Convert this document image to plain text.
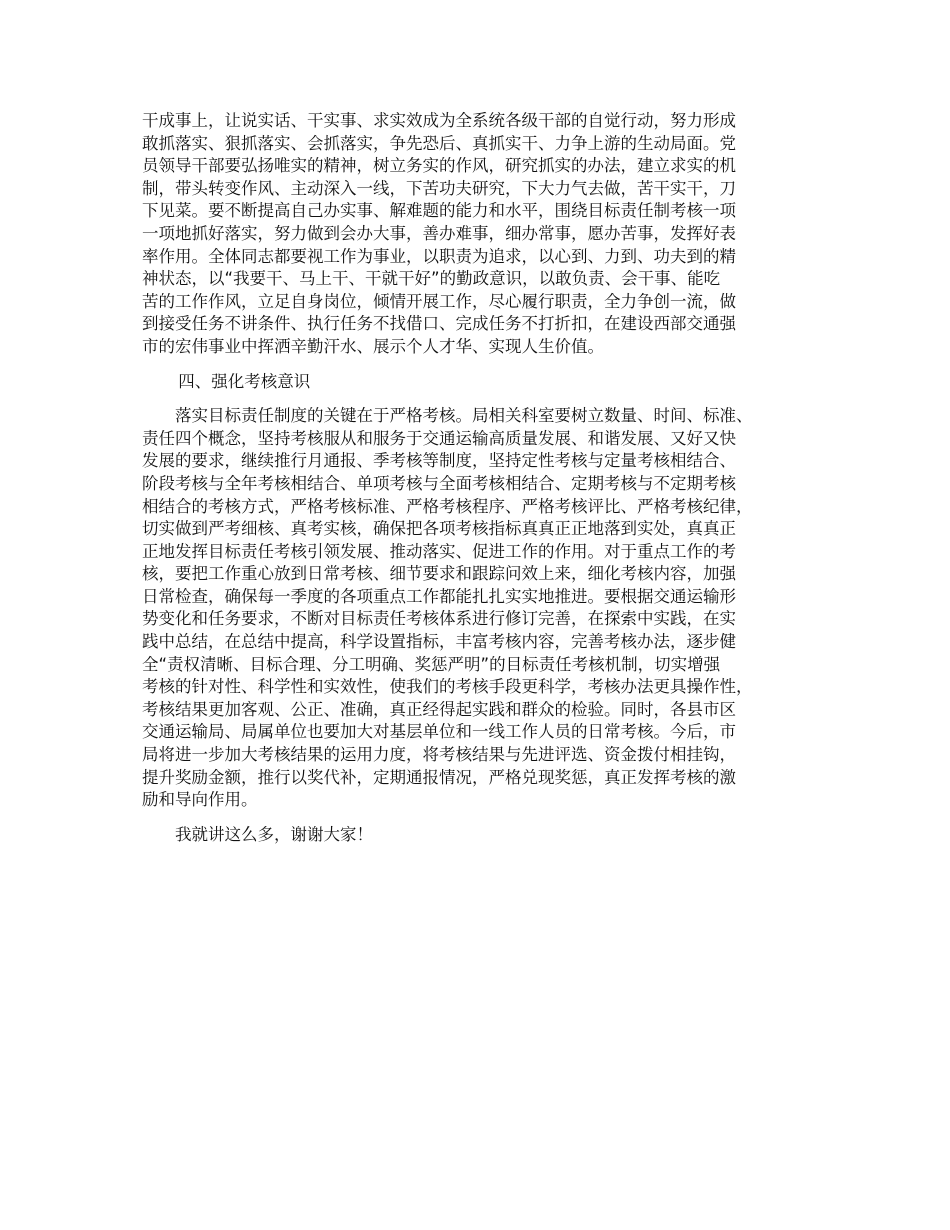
干成事上，让说实话、干实事、求实效成为全系统各级干部的自觉行动，努力形成
敢抓落实、狠抓落实、会抓落实，争先恐后、真抓实干、力争上游的生动局面。党
员领导干部要弘扬唯实的精神，树立务实的作风，研究抓实的办法，建立求实的机
制，带头转变作风、主动深入一线，下苦功夫研究，下大力气去做，苦干实干，刀
下见菜。要不断提高自己办实事、解难题的能力和水平，围绕目标责任制考核一项
一项地抓好落实，努力做到会办大事，善办难事，细办常事，愿办苦事，发挥好表
率作用。全体同志都要视工作为事业，以职责为追求，以心到、力到、功夫到的精
神状态，以“我要干、马上干、干就干好”的勤政意识，以敢负责、会干事、能吃
苦的工作作风，立足自身岗位，倾情开展工作，尽心履行职责，全力争创一流，做
到接受任务不讲条件、执行任务不找借口、完成任务不打折扣，在建设西部交通强
市的宏伟事业中挥洒辛勤汗水、展示个人才华、实现人生价值。
四、强化考核意识
　　落实目标责任制度的关键在于严格考核。局相关科室要树立数量、时间、标准、
责任四个概念，坚持考核服从和服务于交通运输高质量发展、和谐发展、又好又快
发展的要求，继续推行月通报、季考核等制度，坚持定性考核与定量考核相结合、
阶段考核与全年考核相结合、单项考核与全面考核相结合、定期考核与不定期考核
相结合的考核方式，严格考核标准、严格考核程序、严格考核评比、严格考核纪律，
切实做到严考细核、真考实核，确保把各项考核指标真真正正地落到实处，真真正
正地发挥目标责任考核引领发展、推动落实、促进工作的作用。对于重点工作的考
核，要把工作重心放到日常考核、细节要求和跟踪问效上来，细化考核内容，加强
日常检查，确保每一季度的各项重点工作都能扎扎实实地推进。要根据交通运输形
势变化和任务要求，不断对目标责任考核体系进行修订完善，在探索中实践，在实
践中总结，在总结中提高，科学设置指标，丰富考核内容，完善考核办法，逐步健
全“责权清晰、目标合理、分工明确、奖惩严明”的目标责任考核机制，切实增强
考核的针对性、科学性和实效性，使我们的考核手段更科学，考核办法更具操作性，
考核结果更加客观、公正、准确，真正经得起实践和群众的检验。同时，各县市区
交通运输局、局属单位也要加大对基层单位和一线工作人员的日常考核。今后，市
局将进一步加大考核结果的运用力度，将考核结果与先进评选、资金拨付相挂钩，
提升奖励金额，推行以奖代补，定期通报情况，严格兑现奖惩，真正发挥考核的激
励和导向作用。
　　我就讲这么多，谢谢大家！
